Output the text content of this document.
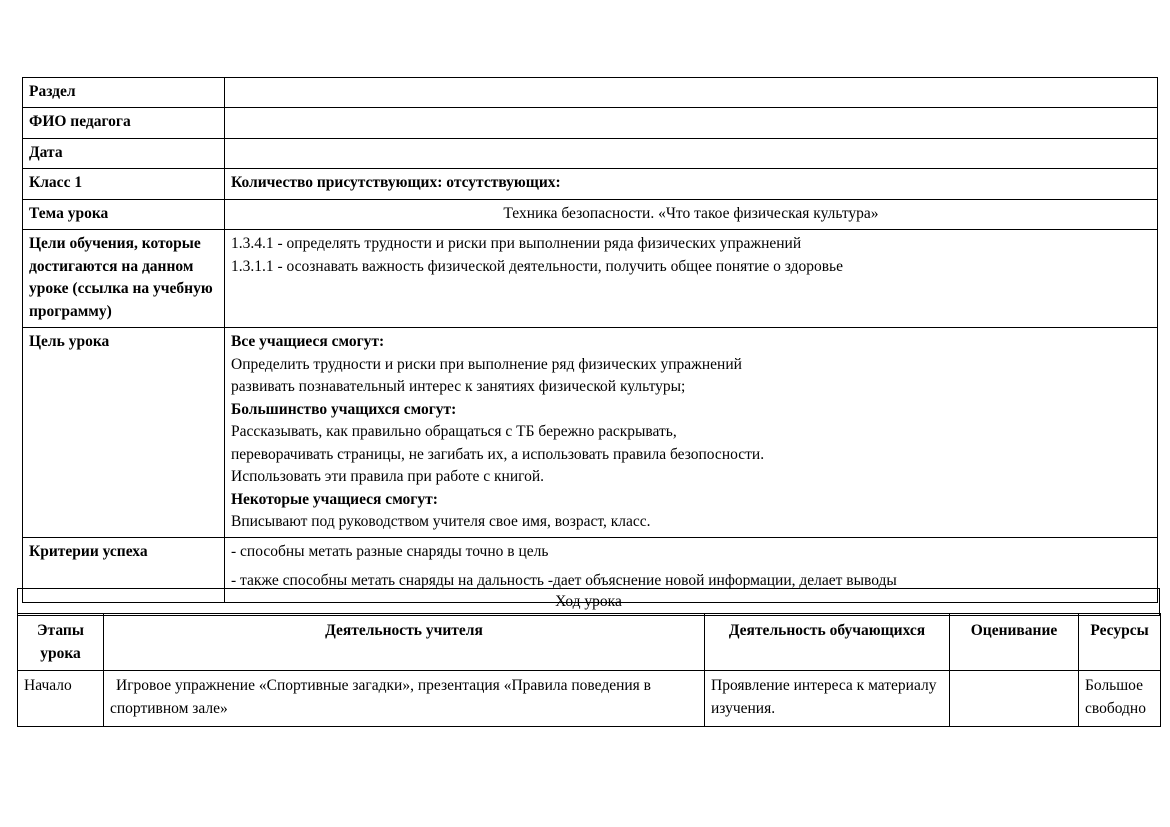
Раздел	
ФИО педагога	
Дата	
Класс 1	Количество присутствующих: отсутствующих:
Тема урока	Техника безопасности. «Что такое физическая культура»
Цели обучения, которые достигаются на данном уроке (ссылка на учебную программу)	1.3.4.1 - определять трудности и риски при выполнении ряда физических упражнений
1.3.1.1 - осознавать важность физической деятельности, получить общее понятие о здоровье

Цель урока	Все учащиеся смогут:
Определить трудности и риски при выполнение ряд физических упражнений
развивать познавательный интерес к занятиях физической культуры;
Большинство учащихся смогут:
Рассказывать, как правильно обращаться с ТБ бережно раскрывать,
переворачивать страницы, не загибать их, а использовать правила безопосности.
Использовать эти правила при работе с книгой.
Некоторые учащиеся смогут:
Вписывают под руководством учителя свое имя, возраст, класс.

Критерии успеха	- способны метать разные снаряды точно в цель
- также способны метать снаряды на дальность -дает объяснение новой информации, делает выводы
Ход урока
Этапы урока	Деятельность учителя	Деятельность обучающихся	Оценивание	Ресурсы
Начало	Игровое упражнение «Спортивные загадки», презентация «Правила поведения в спортивном зале»	Проявление интереса к материалу изучения.		Большое свободно
